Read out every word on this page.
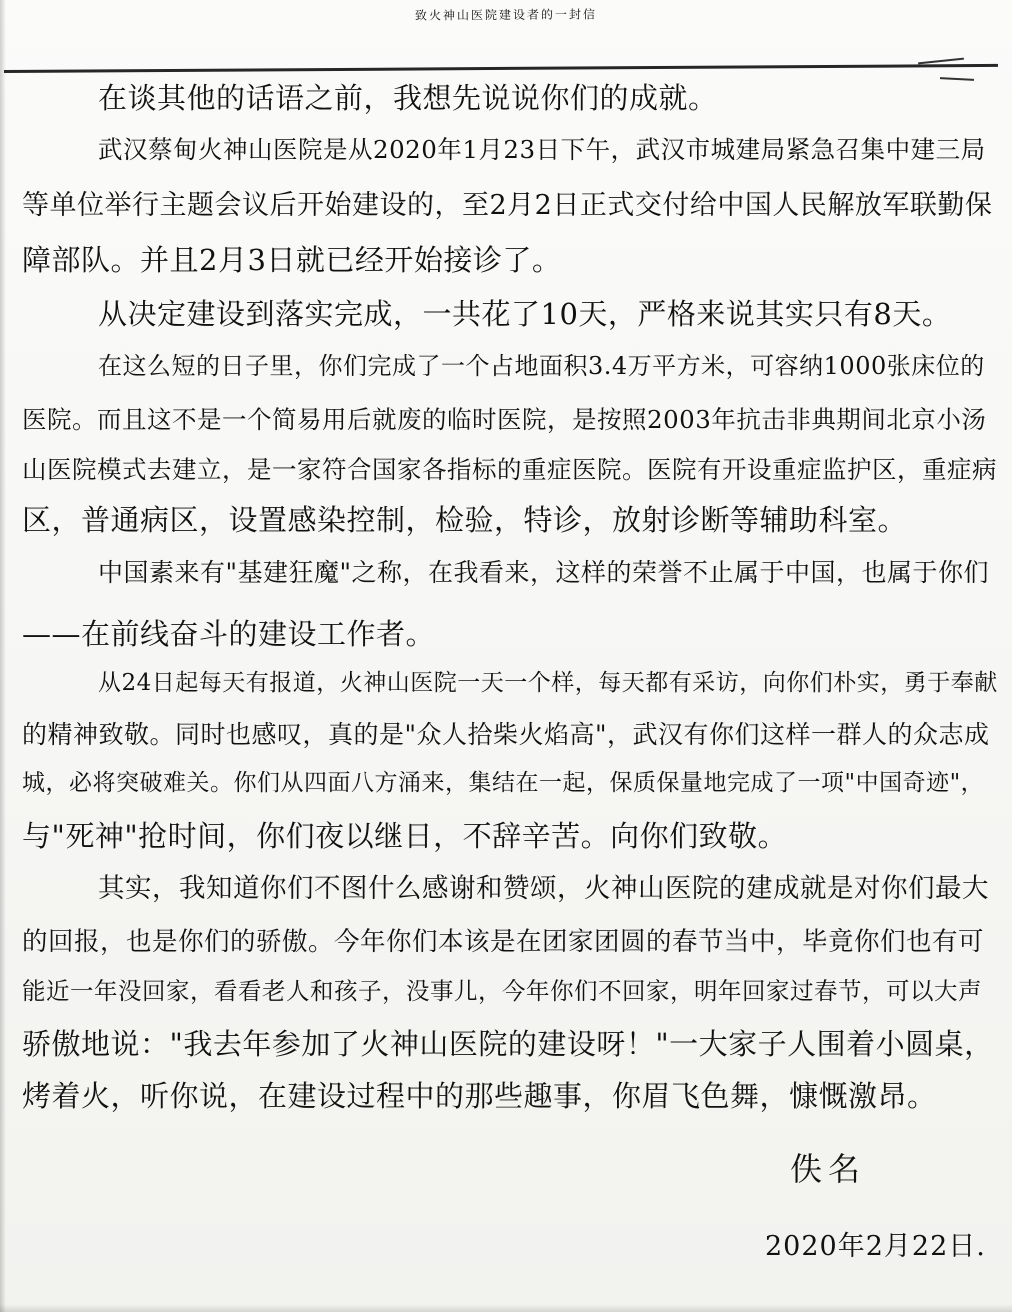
致火神山医院建设者的一封信
在谈其他的话语之前，我想先说说你们的成就。
武汉蔡甸火神山医院是从2020年1月23日下午，武汉市城建局紧急召集中建三局
等单位举行主题会议后开始建设的，至2月2日正式交付给中国人民解放军联勤保
障部队。并且2月3日就已经开始接诊了。
从决定建设到落实完成，一共花了10天，严格来说其实只有8天。
在这么短的日子里，你们完成了一个占地面积3.4万平方米，可容纳1000张床位的
医院。而且这不是一个简易用后就废的临时医院，是按照2003年抗击非典期间北京小汤
山医院模式去建立，是一家符合国家各指标的重症医院。医院有开设重症监护区，重症病
区，普通病区，设置感染控制，检验，特诊，放射诊断等辅助科室。
中国素来有"基建狂魔"之称，在我看来，这样的荣誉不止属于中国，也属于你们
——在前线奋斗的建设工作者。
从24日起每天有报道，火神山医院一天一个样，每天都有采访，向你们朴实，勇于奉献
的精神致敬。同时也感叹，真的是"众人拾柴火焰高"，武汉有你们这样一群人的众志成
城，必将突破难关。你们从四面八方涌来，集结在一起，保质保量地完成了一项"中国奇迹"，
与"死神"抢时间，你们夜以继日，不辞辛苦。向你们致敬。
其实，我知道你们不图什么感谢和赞颂，火神山医院的建成就是对你们最大
的回报，也是你们的骄傲。今年你们本该是在团家团圆的春节当中，毕竟你们也有可
能近一年没回家，看看老人和孩子，没事儿，今年你们不回家，明年回家过春节，可以大声
骄傲地说："我去年参加了火神山医院的建设呀！"一大家子人围着小圆桌，
烤着火，听你说，在建设过程中的那些趣事，你眉飞色舞，慷慨激昂。
佚名
2020年2月22日.
